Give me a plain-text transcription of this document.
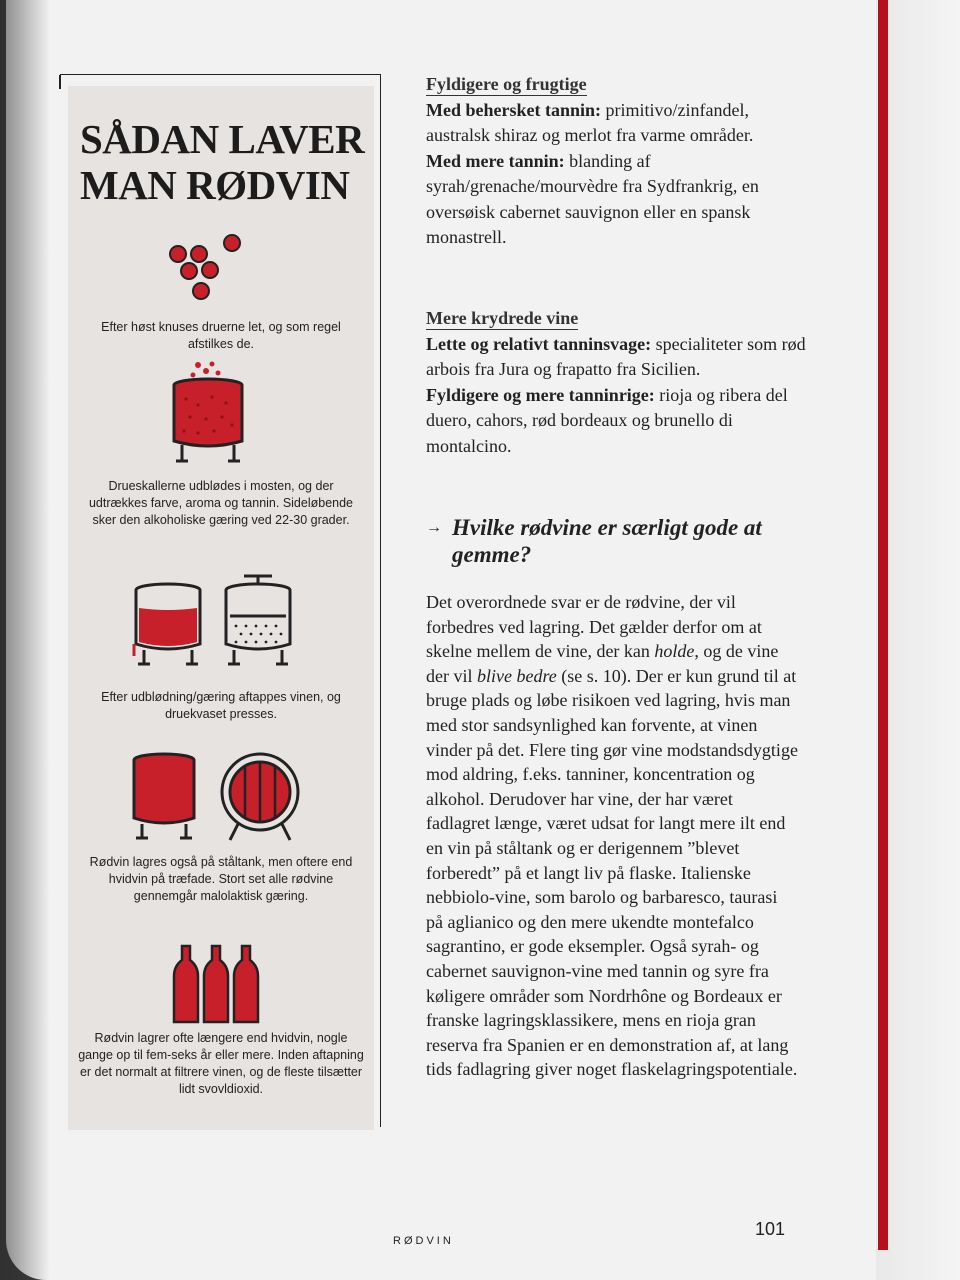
SÅDAN LAVER
MAN RØDVIN

Efter høst knuses druerne let, og som regel afstilkes de.

Drueskallerne udblødes i mosten, og der udtrækkes farve, aroma og tannin. Sideløbende sker den alkoholiske gæring ved 22-30 grader.

Efter udblødning/gæring aftappes vinen, og druekvaset presses.

Rødvin lagres også på ståltank, men oftere end hvidvin på træfade. Stort set alle rødvine gennemgår malolaktisk gæring.

Rødvin lagrer ofte længere end hvidvin, nogle gange op til fem-seks år eller mere. Inden aftapning er det normalt at filtrere vinen, og de fleste tilsætter lidt svovldioxid.

Fyldigere og frugtige

Med behersket tannin: primitivo/zinfandel, australsk shiraz og merlot fra varme områder.

Med mere tannin: blanding af syrah/grenache/mourvèdre fra Sydfrankrig, en oversøisk cabernet sauvignon eller en spansk monastrell.

Mere krydrede vine

Lette og relativt tanninsvage: specialiteter som rød arbois fra Jura og frapatto fra Sicilien.

Fyldigere og mere tanninrige: rioja og ribera del duero, cahors, rød bordeaux og brunello di montalcino.

→ Hvilke rødvine er særligt gode at gemme?

Det overordnede svar er de rødvine, der vil forbedres ved lagring. Det gælder derfor om at skelne mellem de vine, der kan holde, og de vine der vil blive bedre (se s. 10). Der er kun grund til at bruge plads og løbe risikoen ved lagring, hvis man med stor sandsynlighed kan forvente, at vinen vinder på det. Flere ting gør vine modstandsdygtige mod aldring, f.eks. tanniner, koncentration og alkohol. Derudover har vine, der har været fadlagret længe, været udsat for langt mere ilt end en vin på ståltank og er derigennem ”blevet forberedt” på et langt liv på flaske. Italienske nebbiolo-vine, som barolo og barbaresco, taurasi på aglianico og den mere ukendte montefalco sagrantino, er gode eksempler. Også syrah- og cabernet sauvignon-vine med tannin og syre fra køligere områder som Nordrhône og Bordeaux er franske lagringsklassikere, mens en rioja gran reserva fra Spanien er en demonstration af, at lang tids fadlagring giver noget flaskelagringspotentiale.

RØDVIN
101
